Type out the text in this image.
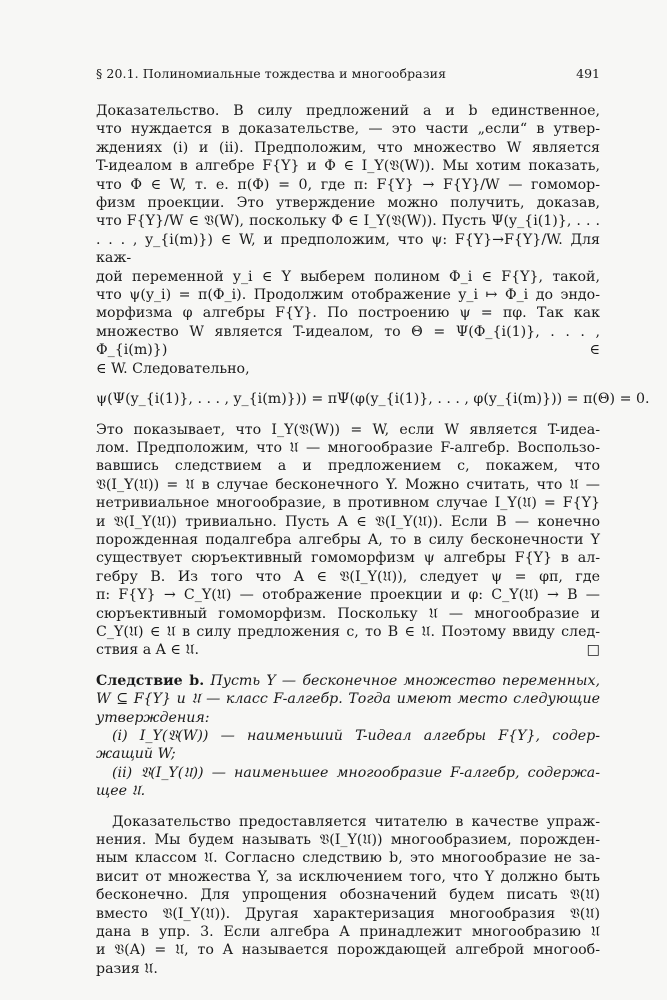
§ 20.1. Полиномиальные тождества и многообразия	491
Доказательство. В силу предложений a и b единственное,
что нуждается в доказательстве, — это части „если“ в утвер-
ждениях (i) и (ii). Предположим, что множество W является
T-идеалом в алгебре F{Y} и Φ ∈ I_Y(𝔙(W)). Мы хотим показать,
что Φ ∈ W, т. е. π(Φ) = 0, где π: F{Y} → F{Y}/W — гомомор-
физм проекции. Это утверждение можно получить, доказав,
что F{Y}/W ∈ 𝔙(W), поскольку Φ ∈ I_Y(𝔙(W)). Пусть Ψ(y_{i(1)}, . . .
. . . , y_{i(m)}) ∈ W, и предположим, что ψ: F{Y}→F{Y}/W. Для каж-
дой переменной y_i ∈ Y выберем полином Φ_i ∈ F{Y}, такой,
что ψ(y_i) = π(Φ_i). Продолжим отображение y_i ↦ Φ_i до эндо-
морфизма φ алгебры F{Y}. По построению ψ = πφ. Так как
множество W является T-идеалом, то Θ = Ψ(Φ_{i(1)}, . . . , Φ_{i(m)}) ∈
∈ W. Следовательно,
ψ(Ψ(y_{i(1)}, . . . , y_{i(m)})) = πΨ(φ(y_{i(1)}, . . . , φ(y_{i(m)})) = π(Θ) = 0.
Это показывает, что I_Y(𝔙(W)) = W, если W является T-идеа-
лом. Предположим, что 𝔘 — многообразие F-алгебр. Воспользо-
вавшись следствием a и предложением c, покажем, что
𝔙(I_Y(𝔘)) = 𝔘 в случае бесконечного Y. Можно считать, что 𝔘 —
нетривиальное многообразие, в противном случае I_Y(𝔘) = F{Y}
и 𝔙(I_Y(𝔘)) тривиально. Пусть A ∈ 𝔙(I_Y(𝔘)). Если B — конечно
порожденная подалгебра алгебры A, то в силу бесконечности Y
существует сюръективный гомоморфизм ψ алгебры F{Y} в ал-
гебру B. Из того что A ∈ 𝔙(I_Y(𝔘)), следует ψ = φπ, где
π: F{Y} → C_Y(𝔘) — отображение проекции и φ: C_Y(𝔘) → B —
сюръективный гомоморфизм. Поскольку 𝔘 — многообразие и
C_Y(𝔘) ∈ 𝔘 в силу предложения c, то B ∈ 𝔘. Поэтому ввиду след-
ствия a A ∈ 𝔘.	□
Следствие b. Пусть Y — бесконечное множество переменных,
W ⊆ F{Y} и 𝔘 — класс F-алгебр. Тогда имеют место следующие
утверждения:
(i) I_Y(𝔙(W)) — наименьший T-идеал алгебры F{Y}, содер-
жащий W;
(ii) 𝔙(I_Y(𝔘)) — наименьшее многообразие F-алгебр, содержа-
щее 𝔘.
Доказательство предоставляется читателю в качестве упраж-
нения. Мы будем называть 𝔙(I_Y(𝔘)) многообразием, порожден-
ным классом 𝔘. Согласно следствию b, это многообразие не за-
висит от множества Y, за исключением того, что Y должно быть
бесконечно. Для упрощения обозначений будем писать 𝔙(𝔘)
вместо 𝔙(I_Y(𝔘)). Другая характеризация многообразия 𝔙(𝔘)
дана в упр. 3. Если алгебра A принадлежит многообразию 𝔘
и 𝔙(A) = 𝔘, то A называется порождающей алгеброй многооб-
разия 𝔘.
